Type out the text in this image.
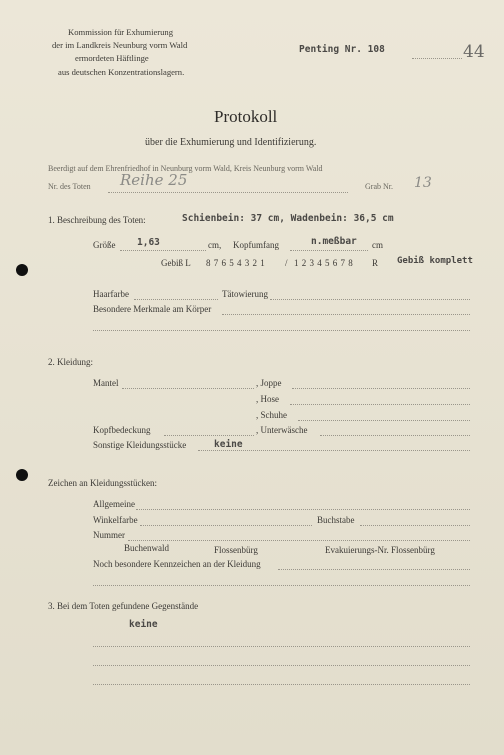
Kommission für Exhumierung
der im Landkreis Neunburg vorm Wald
ermordeten Häftlinge
aus deutschen Konzentrationslagern.
Penting Nr. 108	44
Protokoll
über die Exhumierung und Identifizierung.
Beerdigt auf dem Ehrenfriedhof in Neunburg vorm Wald, Kreis Neunburg vorm Wald
Nr. des Toten Reihe 25	Grab Nr. 13
1. Beschreibung des Toten:	Schienbein: 37 cm, Wadenbein: 36,5 cm
Größe 1,63	cm, Kopfumfang	n.meßbar cm
Gebiß L 8 7 6 5 4 3 2 1 / 1 2 3 4 5 6 7 8 R Gebiß komplett
Haarfarbe	Tätowierung
Besondere Merkmale am Körper
2. Kleidung:
Mantel	, Joppe
, Hose
, Schuhe
Kopfbedeckung	, Unterwäsche
Sonstige Kleidungsstücke	keine
Zeichen an Kleidungsstücken:
Allgemeine
Winkelfarbe	Buchstabe
Nummer
Buchenwald	Flossenbürg	Evakuierungs-Nr. Flossenbürg
Noch besondere Kennzeichen an der Kleidung
3. Bei dem Toten gefundene Gegenstände
keine
